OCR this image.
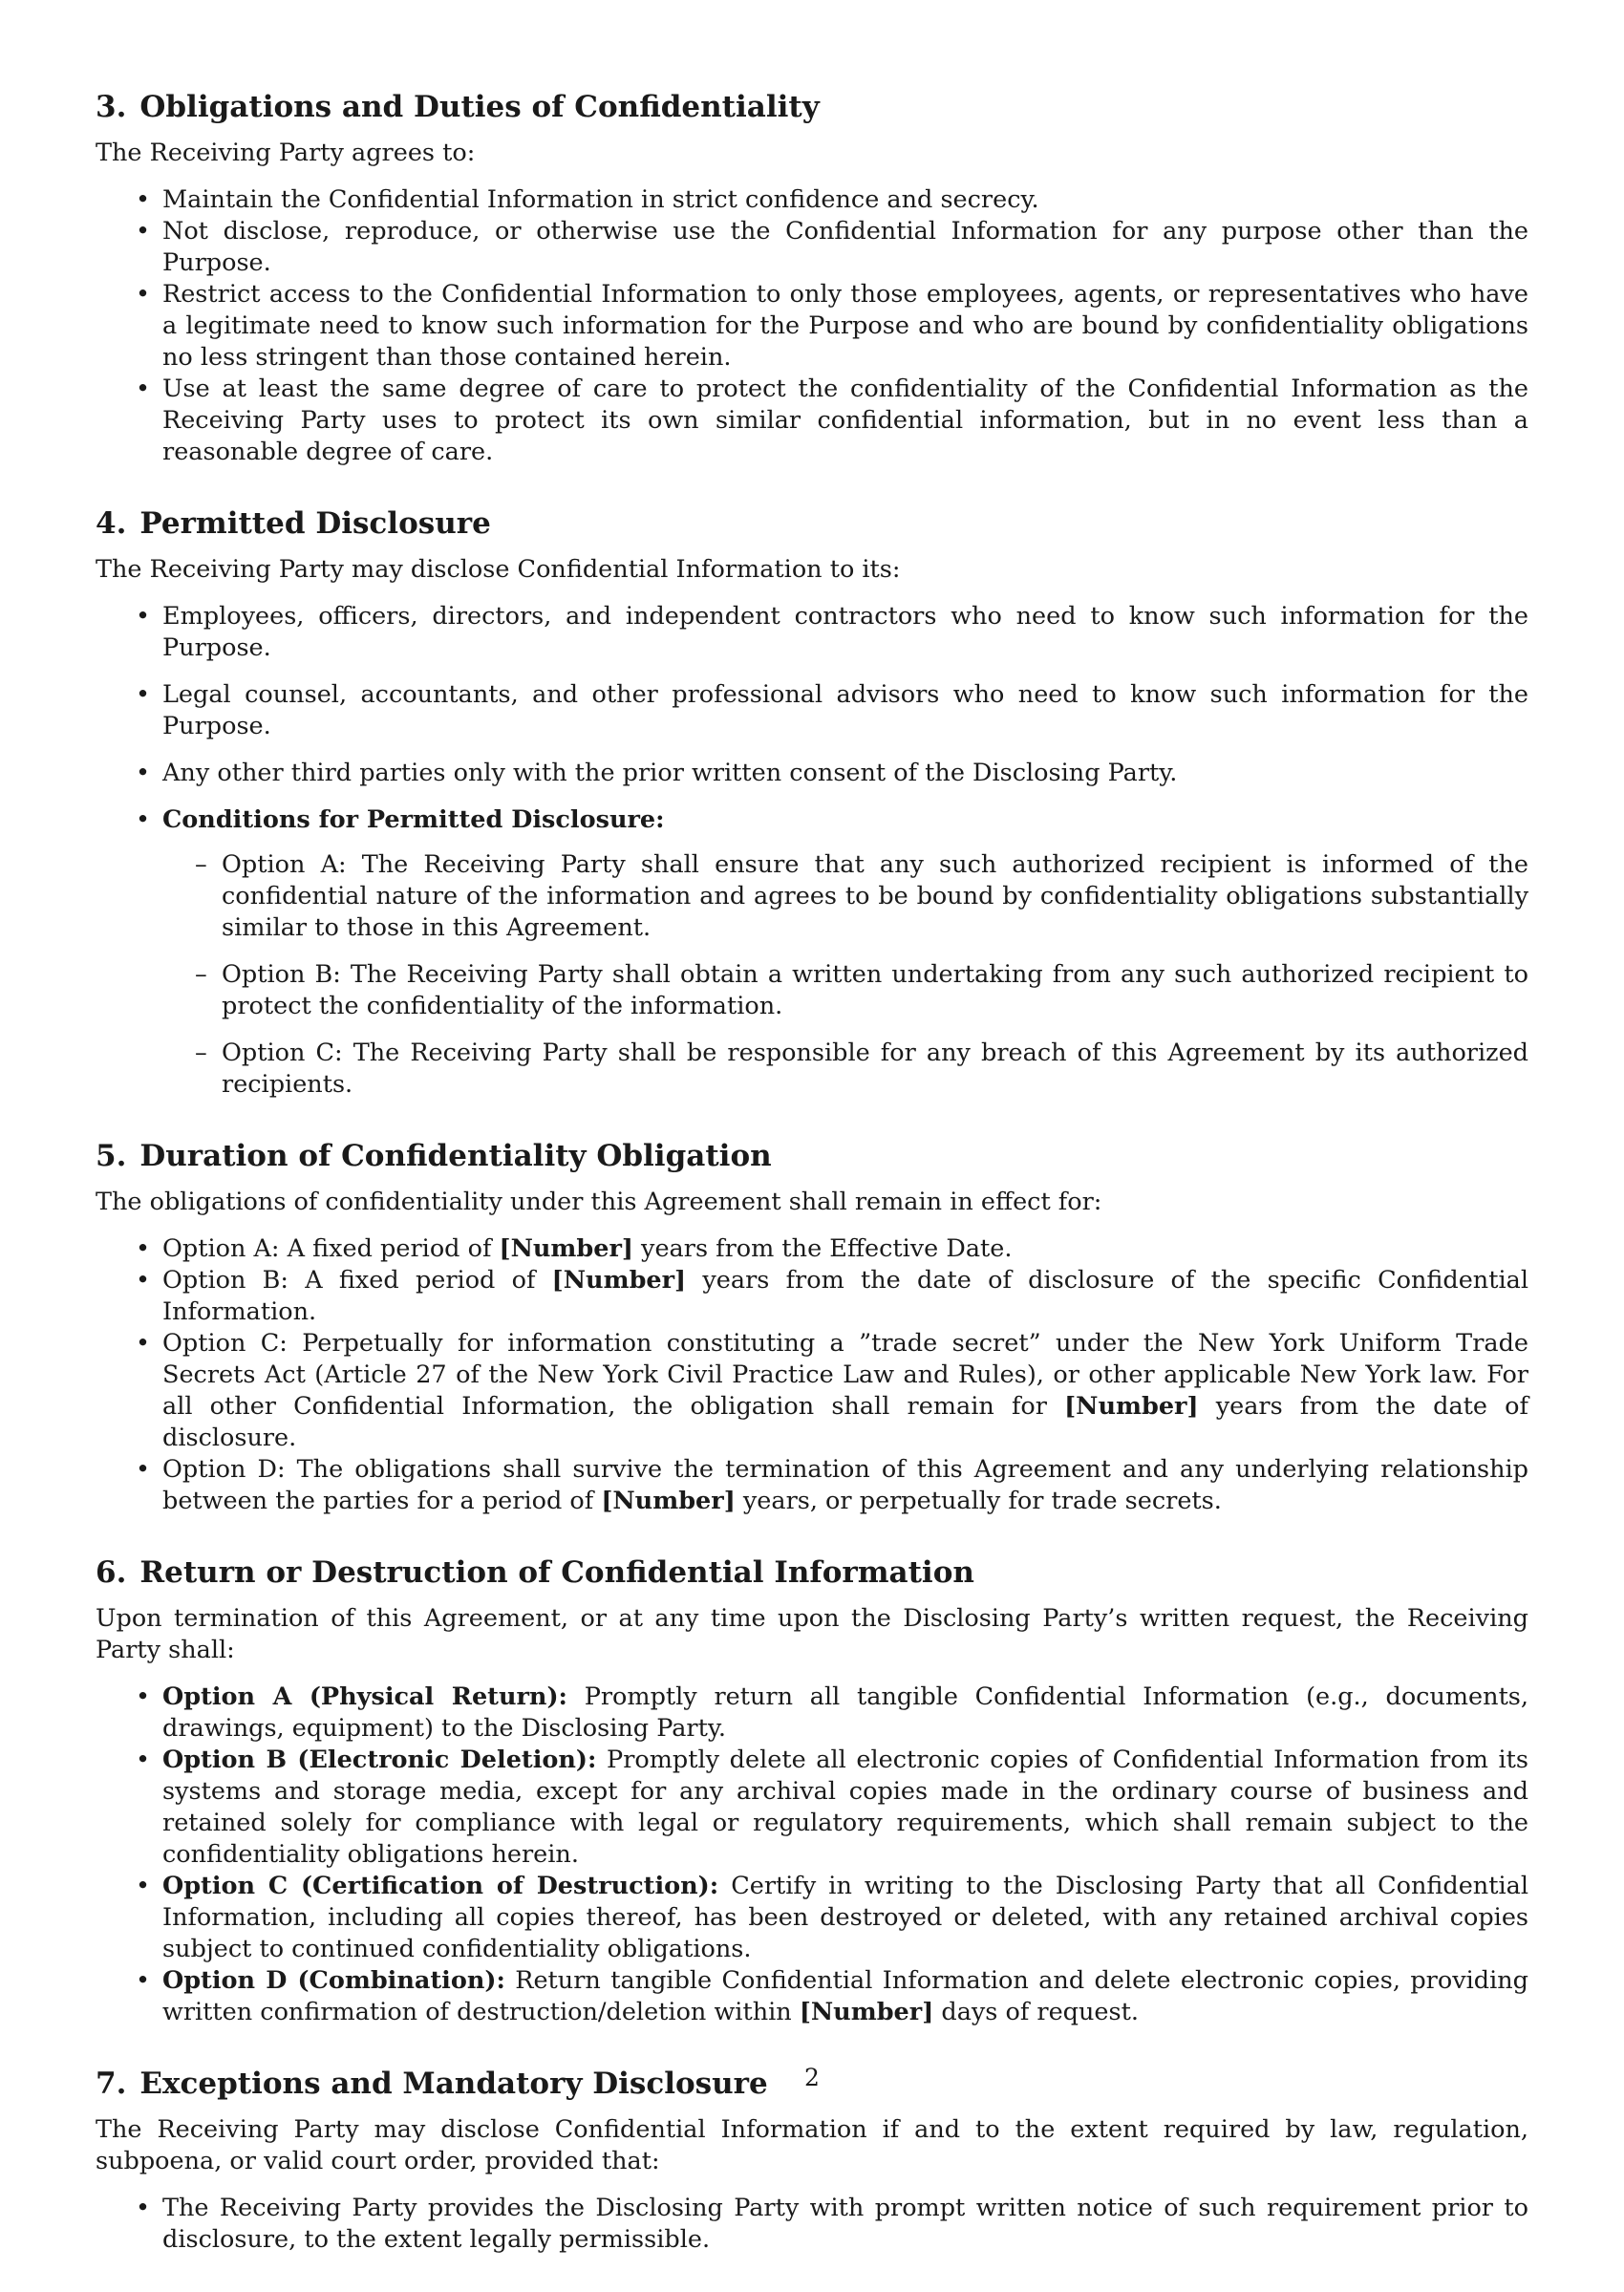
3. Obligations and Duties of Confidentiality

The Receiving Party agrees to:

• Maintain the Confidential Information in strict confidence and secrecy.
• Not disclose, reproduce, or otherwise use the Confidential Information for any purpose other than the Purpose.
• Restrict access to the Confidential Information to only those employees, agents, or representatives who have a legitimate need to know such information for the Purpose and who are bound by confidentiality obligations no less stringent than those contained herein.
• Use at least the same degree of care to protect the confidentiality of the Confidential Information as the Receiving Party uses to protect its own similar confidential information, but in no event less than a reasonable degree of care.
4. Permitted Disclosure

The Receiving Party may disclose Confidential Information to its:

• Employees, officers, directors, and independent contractors who need to know such information for the Purpose.
• Legal counsel, accountants, and other professional advisors who need to know such information for the Purpose.
• Any other third parties only with the prior written consent of the Disclosing Party.
• Conditions for Permitted Disclosure:
– Option A: The Receiving Party shall ensure that any such authorized recipient is informed of the confidential nature of the information and agrees to be bound by confidentiality obligations substantially similar to those in this Agreement.
– Option B: The Receiving Party shall obtain a written undertaking from any such authorized recipient to protect the confidentiality of the information.
– Option C: The Receiving Party shall be responsible for any breach of this Agreement by its authorized recipients.
5. Duration of Confidentiality Obligation

The obligations of confidentiality under this Agreement shall remain in effect for:

• Option A: A fixed period of [Number] years from the Effective Date.
• Option B: A fixed period of [Number] years from the date of disclosure of the specific Confidential Information.
• Option C: Perpetually for information constituting a ”trade secret” under the New York Uniform Trade Secrets Act (Article 27 of the New York Civil Practice Law and Rules), or other applicable New York law. For all other Confidential Information, the obligation shall remain for [Number] years from the date of disclosure.
• Option D: The obligations shall survive the termination of this Agreement and any underlying relationship between the parties for a period of [Number] years, or perpetually for trade secrets.
6. Return or Destruction of Confidential Information

Upon termination of this Agreement, or at any time upon the Disclosing Party’s written request, the Receiving Party shall:

• Option A (Physical Return): Promptly return all tangible Confidential Information (e.g., documents, drawings, equipment) to the Disclosing Party.
• Option B (Electronic Deletion): Promptly delete all electronic copies of Confidential Information from its systems and storage media, except for any archival copies made in the ordinary course of business and retained solely for compliance with legal or regulatory requirements, which shall remain subject to the confidentiality obligations herein.
• Option C (Certification of Destruction): Certify in writing to the Disclosing Party that all Confidential Information, including all copies thereof, has been destroyed or deleted, with any retained archival copies subject to continued confidentiality obligations.
• Option D (Combination): Return tangible Confidential Information and delete electronic copies, providing written confirmation of destruction/deletion within [Number] days of request.
7. Exceptions and Mandatory Disclosure

The Receiving Party may disclose Confidential Information if and to the extent required by law, regulation, subpoena, or valid court order, provided that:

• The Receiving Party provides the Disclosing Party with prompt written notice of such requirement prior to disclosure, to the extent legally permissible.
2
